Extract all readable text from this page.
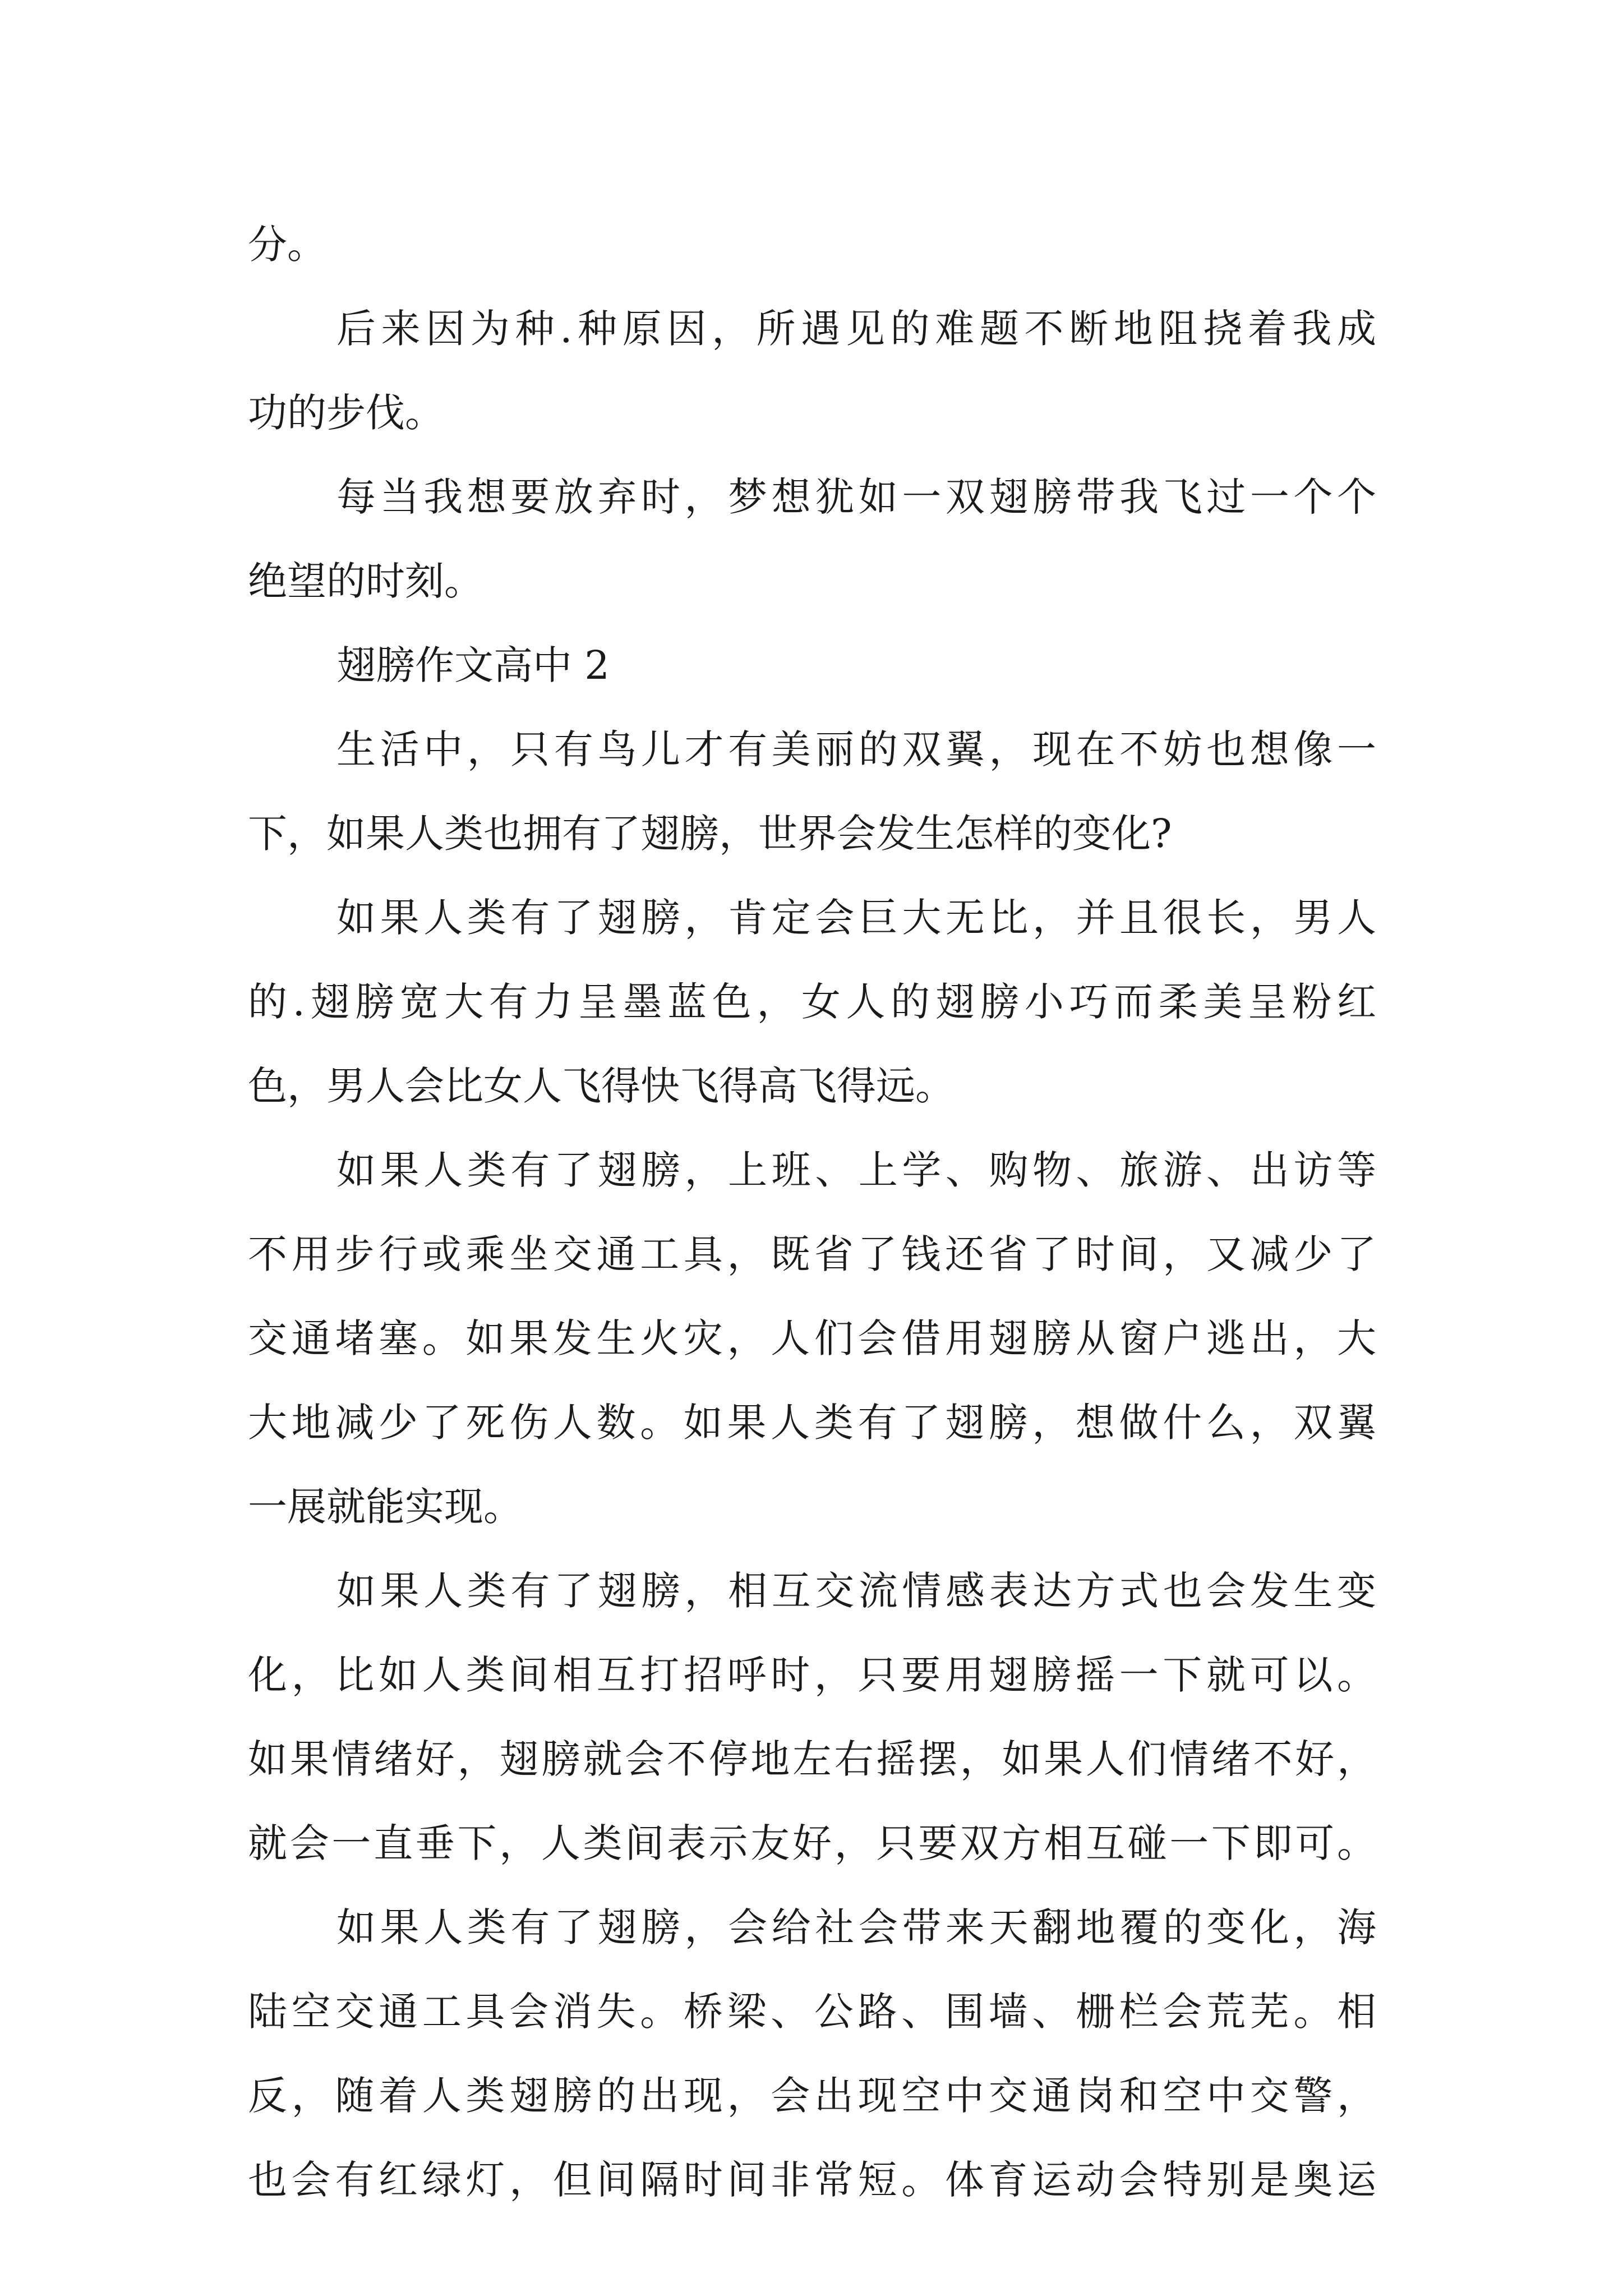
分。
后来因为种.种原因，所遇见的难题不断地阻挠着我成
功的步伐。
每当我想要放弃时，梦想犹如一双翅膀带我飞过一个个
绝望的时刻。
翅膀作文高中 2
生活中，只有鸟儿才有美丽的双翼，现在不妨也想像一
下，如果人类也拥有了翅膀，世界会发生怎样的变化?
如果人类有了翅膀，肯定会巨大无比，并且很长，男人
的.翅膀宽大有力呈墨蓝色，女人的翅膀小巧而柔美呈粉红
色，男人会比女人飞得快飞得高飞得远。
如果人类有了翅膀，上班、上学、购物、旅游、出访等
不用步行或乘坐交通工具，既省了钱还省了时间，又减少了
交通堵塞。如果发生火灾，人们会借用翅膀从窗户逃出，大
大地减少了死伤人数。如果人类有了翅膀，想做什么，双翼
一展就能实现。
如果人类有了翅膀，相互交流情感表达方式也会发生变
化，比如人类间相互打招呼时，只要用翅膀摇一下就可以。
如果情绪好，翅膀就会不停地左右摇摆，如果人们情绪不好，
就会一直垂下，人类间表示友好，只要双方相互碰一下即可。
如果人类有了翅膀，会给社会带来天翻地覆的变化，海
陆空交通工具会消失。桥梁、公路、围墙、栅栏会荒芜。相
反，随着人类翅膀的出现，会出现空中交通岗和空中交警，
也会有红绿灯，但间隔时间非常短。体育运动会特别是奥运
